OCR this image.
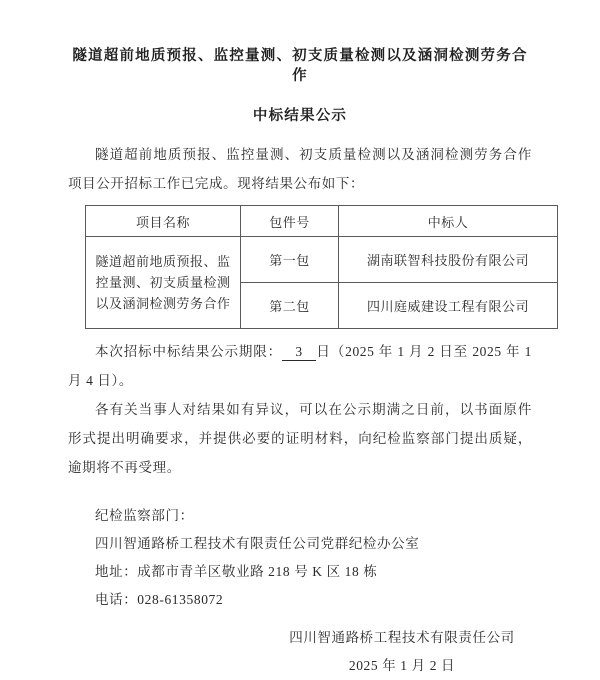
隧道超前地质预报、监控量测、初支质量检测以及涵洞检测劳务合作
中标结果公示

隧道超前地质预报、监控量测、初支质量检测以及涵洞检测劳务合作项目公开招标工作已完成。现将结果公布如下：

项目名称	包件号	中标人
隧道超前地质预报、监控量测、初支质量检测以及涵洞检测劳务合作	第一包	湖南联智科技股份有限公司
	第二包	四川庭威建设工程有限公司

本次招标中标结果公示期限： 3 日（2025 年 1 月 2 日至 2025 年 1 月 4 日）。

各有关当事人对结果如有异议，可以在公示期满之日前，以书面原件形式提出明确要求，并提供必要的证明材料，向纪检监察部门提出质疑，逾期将不再受理。

纪检监察部门：
四川智通路桥工程技术有限责任公司党群纪检办公室
地址：成都市青羊区敬业路 218 号 K 区 18 栋
电话：028-61358072
四川智通路桥工程技术有限责任公司
2025 年 1 月 2 日
